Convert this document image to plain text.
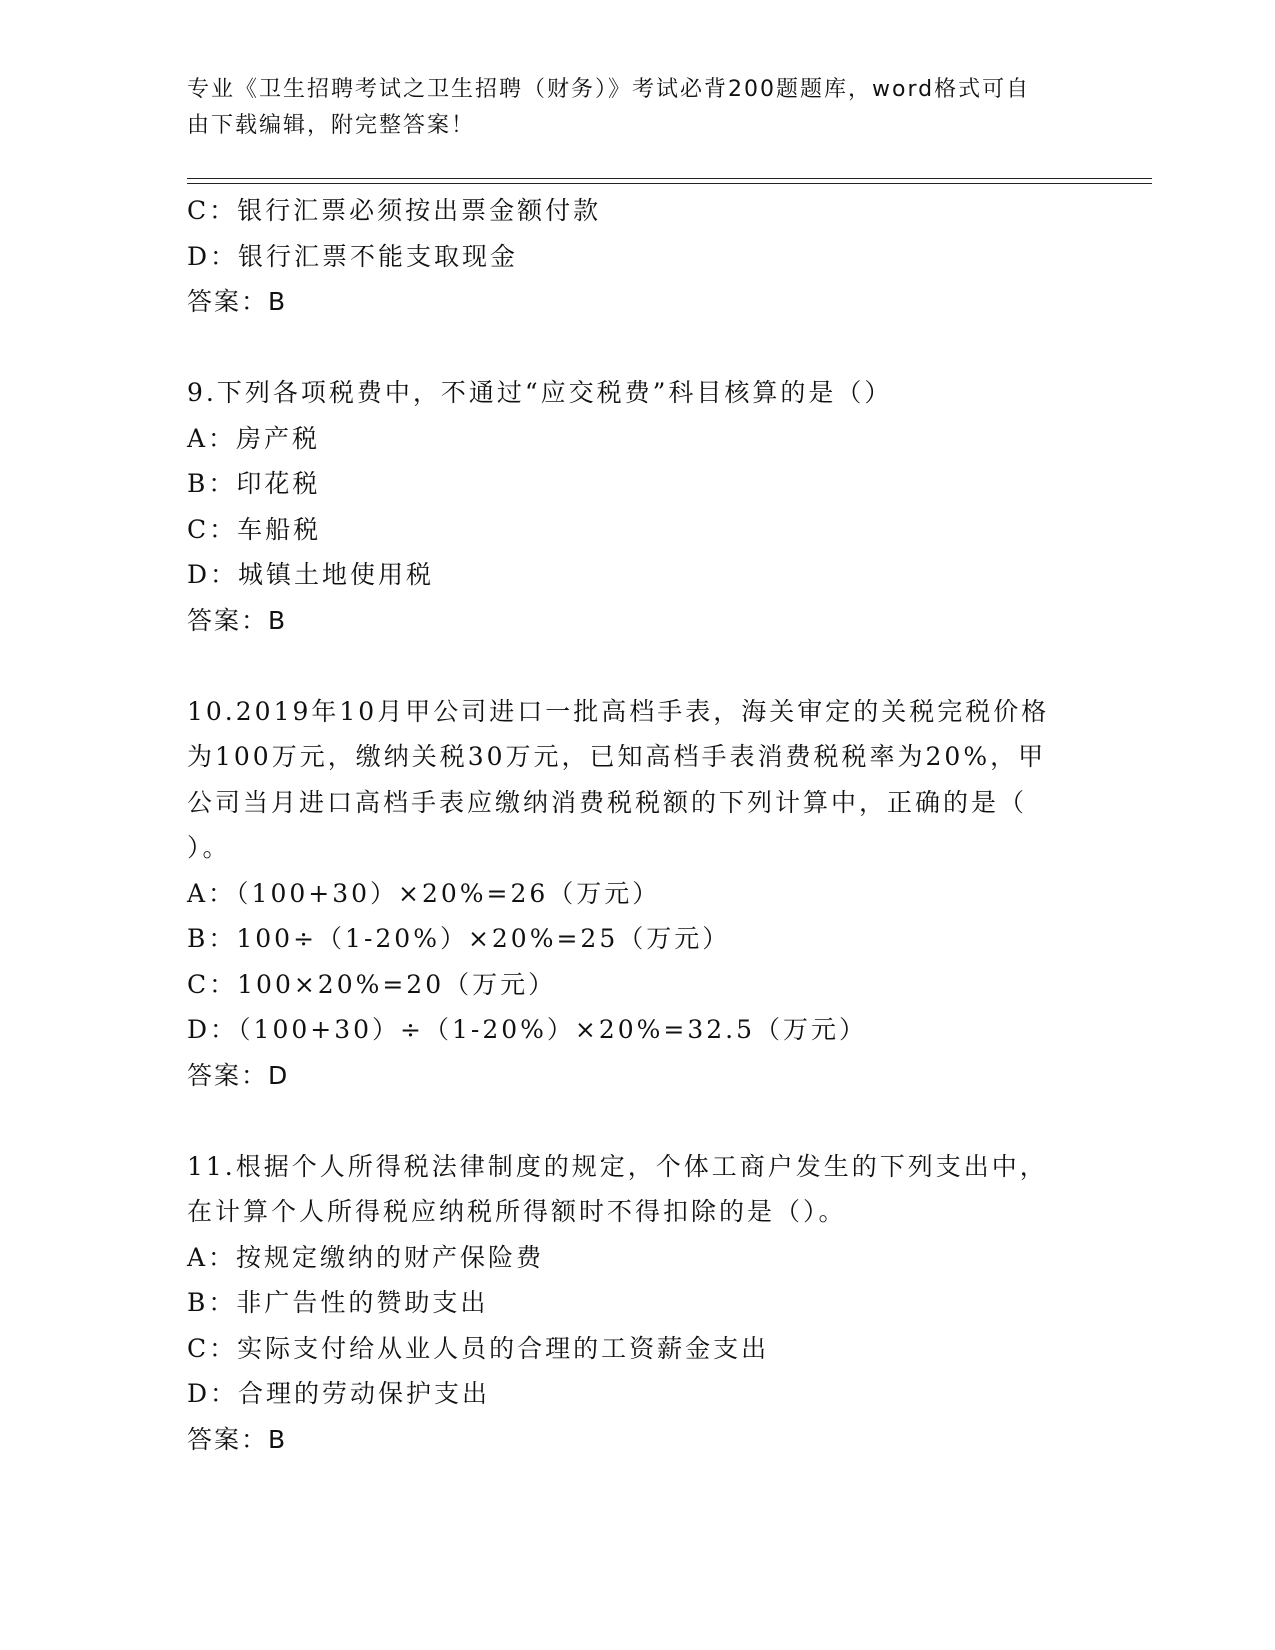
专业《卫生招聘考试之卫生招聘（财务）》考试必背200题题库，word格式可自
由下载编辑，附完整答案！
C：银行汇票必须按出票金额付款
D：银行汇票不能支取现金
答案：B
9.下列各项税费中，不通过“应交税费”科目核算的是（）
A：房产税
B：印花税
C：车船税
D：城镇土地使用税
答案：B
10.2019年10月甲公司进口一批高档手表，海关审定的关税完税价格
为100万元，缴纳关税30万元，已知高档手表消费税税率为20%，甲
公司当月进口高档手表应缴纳消费税税额的下列计算中，正确的是（
）。
A：（100+30）×20%=26（万元）
B：100÷（1-20%）×20%=25（万元）
C：100×20%=20（万元）
D：（100+30）÷（1-20%）×20%=32.5（万元）
答案：D
11.根据个人所得税法律制度的规定，个体工商户发生的下列支出中，
在计算个人所得税应纳税所得额时不得扣除的是（）。
A：按规定缴纳的财产保险费
B：非广告性的赞助支出
C：实际支付给从业人员的合理的工资薪金支出
D：合理的劳动保护支出
答案：B
